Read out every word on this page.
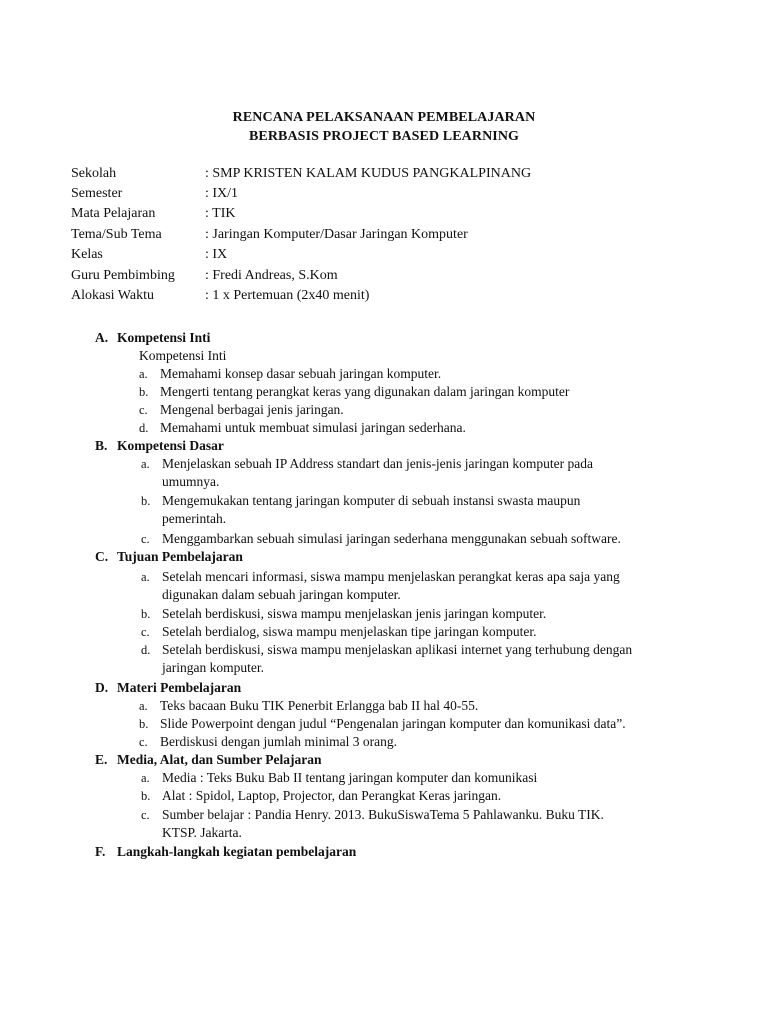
RENCANA PELAKSANAAN PEMBELAJARAN
BERBASIS PROJECT BASED LEARNING
Sekolah	: SMP KRISTEN KALAM KUDUS PANGKALPINANG
Semester	: IX/1
Mata Pelajaran	: TIK
Tema/Sub Tema	: Jaringan Komputer/Dasar Jaringan Komputer
Kelas	: IX
Guru Pembimbing	: Fredi Andreas, S.Kom
Alokasi Waktu	: 1 x Pertemuan (2x40 menit)
A. Kompetensi Inti
Kompetensi Inti
a. Memahami konsep dasar sebuah jaringan komputer.
b. Mengerti tentang perangkat keras yang digunakan dalam jaringan komputer
c. Mengenal berbagai jenis jaringan.
d. Memahami untuk membuat simulasi jaringan sederhana.
B. Kompetensi Dasar
a. Menjelaskan sebuah IP Address standart dan jenis-jenis jaringan komputer pada
umumnya.
b. Mengemukakan tentang jaringan komputer di sebuah instansi swasta maupun
pemerintah.
c. Menggambarkan sebuah simulasi jaringan sederhana menggunakan sebuah software.
C. Tujuan Pembelajaran
a. Setelah mencari informasi, siswa mampu menjelaskan perangkat keras apa saja yang
digunakan dalam sebuah jaringan komputer.
b. Setelah berdiskusi, siswa mampu menjelaskan jenis jaringan komputer.
c. Setelah berdialog, siswa mampu menjelaskan tipe jaringan komputer.
d. Setelah berdiskusi, siswa mampu menjelaskan aplikasi internet yang terhubung dengan
jaringan komputer.
D. Materi Pembelajaran
a. Teks bacaan Buku TIK Penerbit Erlangga bab II hal 40-55.
b. Slide Powerpoint dengan judul “Pengenalan jaringan komputer dan komunikasi data”.
c. Berdiskusi dengan jumlah minimal 3 orang.
E. Media, Alat, dan Sumber Pelajaran
a. Media : Teks Buku Bab II tentang jaringan komputer dan komunikasi
b. Alat : Spidol, Laptop, Projector, dan Perangkat Keras jaringan.
c. Sumber belajar : Pandia Henry. 2013. BukuSiswaTema 5 Pahlawanku. Buku TIK.
KTSP. Jakarta.
F. Langkah-langkah kegiatan pembelajaran
